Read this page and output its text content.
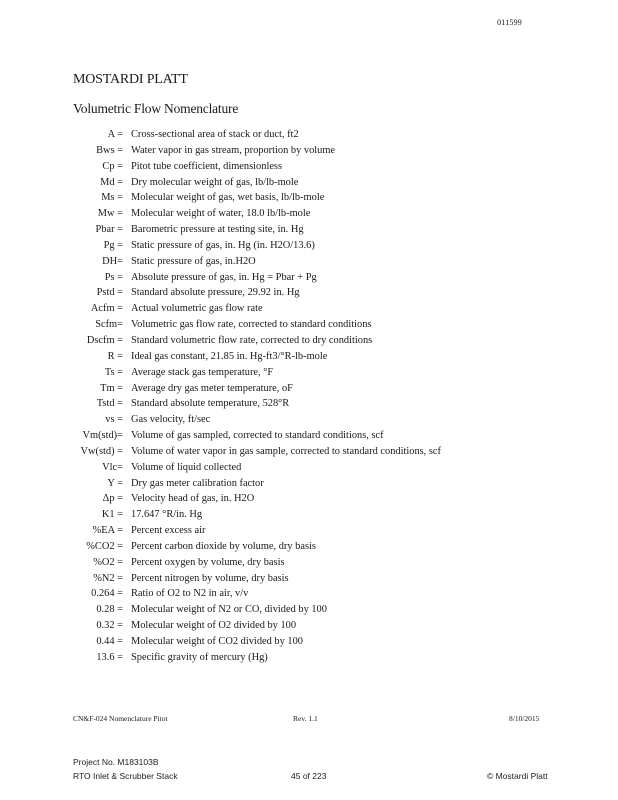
011599
MOSTARDI PLATT
Volumetric Flow Nomenclature
A = Cross-sectional area of stack or duct, ft2
Bws = Water vapor in gas stream, proportion by volume
Cp = Pitot tube coefficient, dimensionless
Md = Dry molecular weight of gas, lb/lb-mole
Ms = Molecular weight of gas, wet basis, lb/lb-mole
Mw = Molecular weight of water, 18.0 lb/lb-mole
Pbar = Barometric pressure at testing site, in. Hg
Pg = Static pressure of gas, in. Hg (in. H2O/13.6)
DH= Static pressure of gas, in.H2O
Ps = Absolute pressure of gas, in. Hg = Pbar + Pg
Pstd = Standard absolute pressure, 29.92 in. Hg
Acfm = Actual volumetric gas flow rate
Scfm= Volumetric gas flow rate, corrected to standard conditions
Dscfm = Standard volumetric flow rate, corrected to dry conditions
R = Ideal gas constant, 21.85 in. Hg-ft3/°R-lb-mole
Ts = Average stack gas temperature, °F
Tm = Average dry gas meter temperature, oF
Tstd = Standard absolute temperature, 528°R
vs = Gas velocity, ft/sec
Vm(std)= Volume of gas sampled, corrected to standard conditions, scf
Vw(std) = Volume of water vapor in gas sample, corrected to standard conditions, scf
Vlc= Volume of liquid collected
Y = Dry gas meter calibration factor
Δp = Velocity head of gas, in. H2O
K1 = 17.647 °R/in. Hg
%EA = Percent excess air
%CO2 = Percent carbon dioxide by volume, dry basis
%O2 = Percent oxygen by volume, dry basis
%N2 = Percent nitrogen by volume, dry basis
0.264 = Ratio of O2 to N2 in air, v/v
0.28 = Molecular weight of N2 or CO, divided by 100
0.32 = Molecular weight of O2 divided by 100
0.44 = Molecular weight of CO2 divided by 100
13.6 = Specific gravity of mercury (Hg)
CN&F-024 Nomenclature Pitot	Rev. 1.1	8/10/2015
Project No. M183103B
RTO Inlet & Scrubber Stack	45 of 223	© Mostardi Platt
